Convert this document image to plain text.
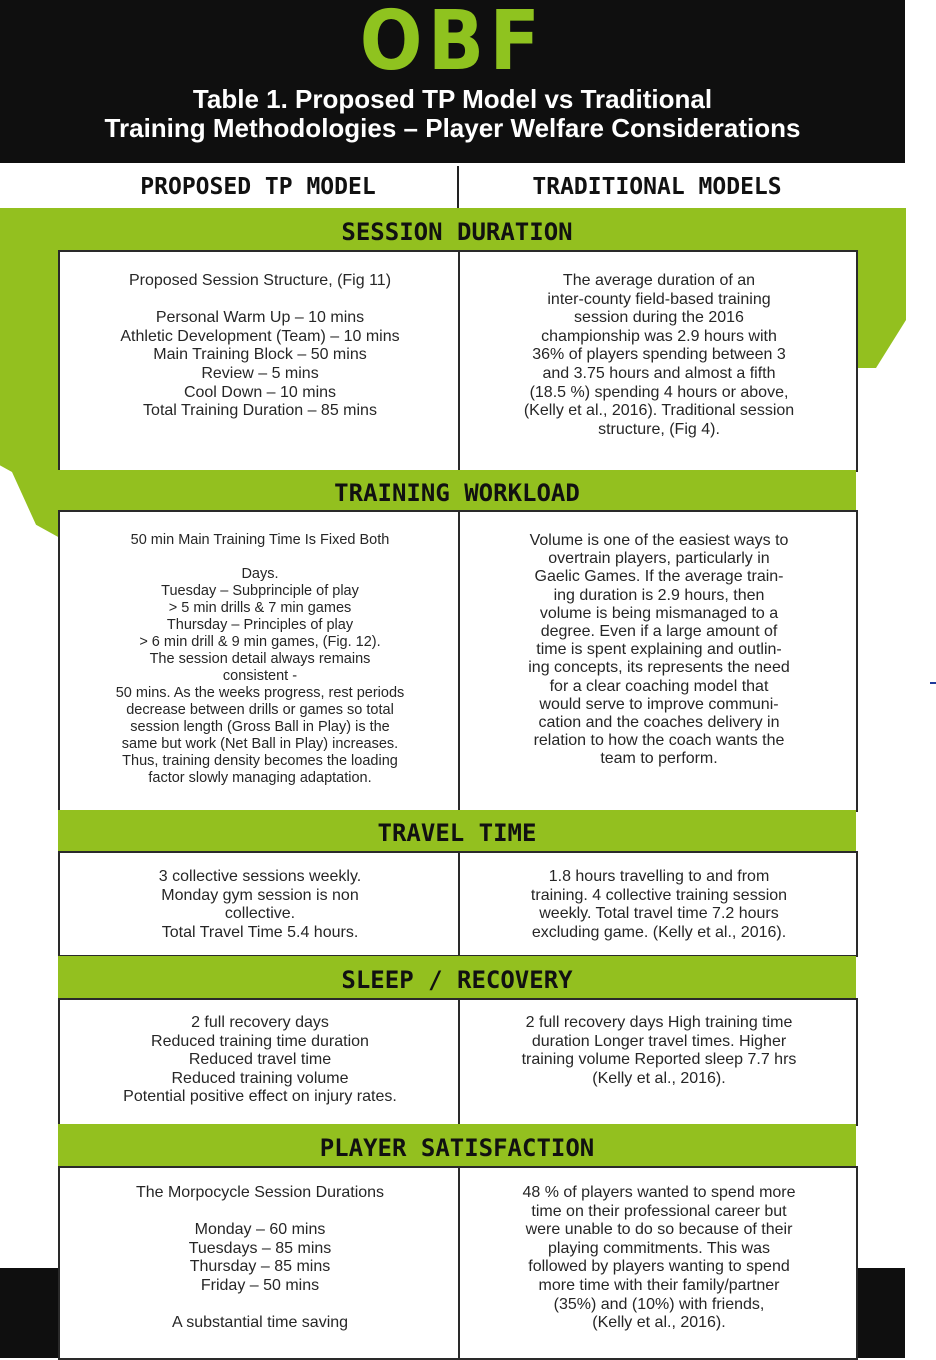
OBF
Table 1. Proposed TP Model vs Traditional
Training Methodologies – Player Welfare Considerations
PROPOSED TP MODEL	TRADITIONAL MODELS
SESSION DURATION
Proposed Session Structure, (Fig 11)

Personal Warm Up – 10 mins
Athletic Development (Team) – 10 mins
Main Training Block – 50 mins
Review – 5 mins
Cool Down – 10 mins
Total Training Duration – 85 mins
The average duration of an
inter-county field-based training
session during the 2016
championship was 2.9 hours with
36% of players spending between 3
and 3.75 hours and almost a fifth
(18.5 %) spending 4 hours or above,
(Kelly et al., 2016). Traditional session
structure, (Fig 4).
TRAINING WORKLOAD
50 min Main Training Time Is Fixed Both

Days.
Tuesday – Subprinciple of play
> 5 min drills & 7 min games
Thursday – Principles of play
> 6 min drill & 9 min games, (Fig. 12).
The session detail always remains
consistent -
50 mins. As the weeks progress, rest periods
decrease between drills or games so total
session length (Gross Ball in Play) is the
same but work (Net Ball in Play) increases.
Thus, training density becomes the loading
factor slowly managing adaptation.
Volume is one of the easiest ways to
overtrain players, particularly in
Gaelic Games. If the average train-
ing duration is 2.9 hours, then
volume is being mismanaged to a
degree. Even if a large amount of
time is spent explaining and outlin-
ing concepts, its represents the need
for a clear coaching model that
would serve to improve communi-
cation and the coaches delivery in
relation to how the coach wants the
team to perform.
TRAVEL TIME
3 collective sessions weekly.
Monday gym session is non
collective.
Total Travel Time 5.4 hours.
1.8 hours travelling to and from
training. 4 collective training session
weekly. Total travel time 7.2 hours
excluding game. (Kelly et al., 2016).
SLEEP / RECOVERY
2 full recovery days
Reduced training time duration
Reduced travel time
Reduced training volume
Potential positive effect on injury rates.
2 full recovery days High training time
duration Longer travel times. Higher
training volume Reported sleep 7.7 hrs
(Kelly et al., 2016).
PLAYER SATISFACTION
The Morpocycle Session Durations

Monday – 60 mins
Tuesdays – 85 mins
Thursday – 85 mins
Friday – 50 mins

A substantial time saving
48 % of players wanted to spend more
time on their professional career but
were unable to do so because of their
playing commitments. This was
followed by players wanting to spend
more time with their family/partner
(35%) and (10%) with friends,
(Kelly et al., 2016).
